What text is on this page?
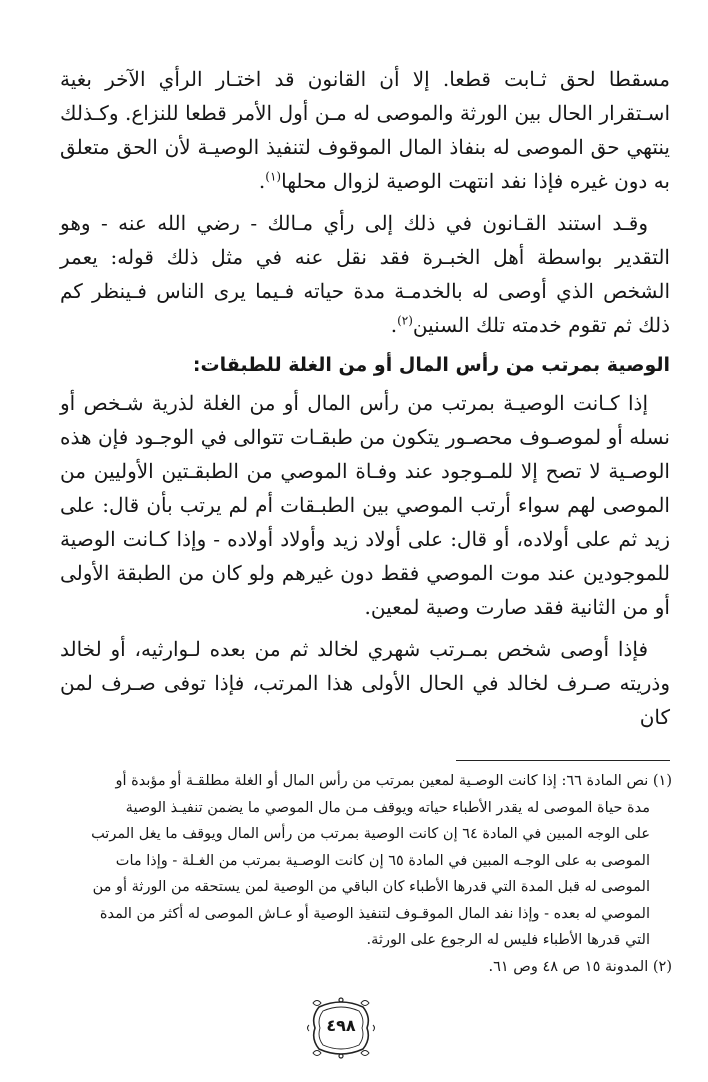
مسقطا لحق ثـابت قطعا. إلا أن القانون قد اختـار الرأي الآخر بغية اسـتقرار الحال بين الورثة والموصى له مـن أول الأمر قطعا للنزاع. وكـذلك ينتهي حق الموصى له بنفاذ المال الموقوف لتنفيذ الوصيـة لأن الحق متعلق به دون غيره فإذا نفد انتهت الوصية لزوال محلها$^{(١)}$.

وقـد استند القـانون في ذلك إلى رأي مـالك - رضي الله عنه - وهو التقدير بواسطة أهل الخبـرة فقد نقل عنه في مثل ذلك قوله: يعمر الشخص الذي أوصى له بالخدمـة مدة حياته فـيما يرى الناس فـينظر كم ذلك ثم تقوم خدمته تلك السنين$^{(٢)}$.

الوصية بمرتب من رأس المال أو من الغلة للطبقات:

إذا كـانت الوصيـة بمرتب من رأس المال أو من الغلة لذرية شـخص أو نسله أو لموصـوف محصـور يتكون من طبقـات تتوالى في الوجـود فإن هذه الوصـية لا تصح إلا للمـوجود عند وفـاة الموصي من الطبقـتين الأوليين من الموصى لهم سواء أرتب الموصي بين الطبـقات أم لم يرتب بأن قال: على زيد ثم على أولاده، أو قال: على أولاد زيد وأولاد أولاده - وإذا كـانت الوصية للموجودين عند موت الموصي فقط دون غيرهم ولو كان من الطبقة الأولى أو من الثانية فقد صارت وصية لمعين.

فإذا أوصى شخص بمـرتب شهري لخالد ثم من بعده لـوارثيه، أو لخالد وذريته صـرف لخالد في الحال الأولى هذا المرتب، فإذا توفى صـرف لمن كان

(١) نص المادة ٦٦: إذا كانت الوصـية لمعين بمرتب من رأس المال أو الغلة مطلقـة أو مؤبدة أو

مدة حياة الموصى له يقدر الأطباء حياته ويوقف مـن مال الموصي ما يضمن تنفيـذ الوصية

على الوجه المبين في المادة ٦٤ إن كانت الوصية بمرتب من رأس المال ويوقف ما يغل المرتب

الموصى به على الوجـه المبين في المادة ٦٥ إن كانت الوصـية بمرتب من الغـلة - وإذا مات

الموصى له قبل المدة التي قدرها الأطباء كان الباقي من الوصية لمن يستحقه من الورثة أو من

الموصي له بعده - وإذا نفد المال الموقـوف لتنفيذ الوصية أو عـاش الموصى له أكثر من المدة

التي قدرها الأطباء فليس له الرجوع على الورثة.

(٢) المدونة ١٥ ص ٤٨ وص ٦١.

٤٩٨
